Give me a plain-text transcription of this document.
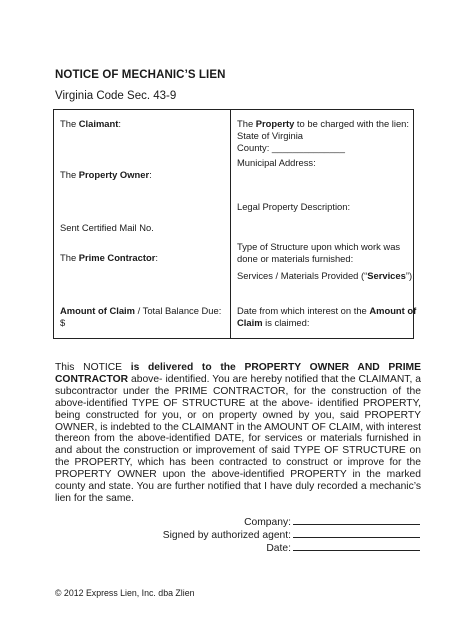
NOTICE OF MECHANIC’S LIEN
Virginia Code Sec. 43-9
The Claimant:
The Property Owner:
Sent Certified Mail No.
The Prime Contractor:
Amount of Claim / Total Balance Due:
$
The Property to be charged with the lien:
State of Virginia
County: ______________
Municipal Address:
Legal Property Description:
Type of Structure upon which work was
done or materials furnished:
Services / Materials Provided (“Services”):
Date from which interest on the Amount of
Claim is claimed:
This NOTICE is delivered to the PROPERTY OWNER AND PRIME CONTRACTOR above- identified. You are hereby notified that the CLAIMANT, a subcontractor under the PRIME CONTRACTOR, for the construction of the above-identified TYPE OF STRUCTURE at the above- identified PROPERTY, being constructed for you, or on property owned by you, said PROPERTY OWNER, is indebted to the CLAIMANT in the AMOUNT OF CLAIM, with interest thereon from the above-identified DATE, for services or materials furnished in and about the construction or improvement of said TYPE OF STRUCTURE on the PROPERTY, which has been contracted to construct or improve for the PROPERTY OWNER upon the above-identified PROPERTY in the marked county and state. You are further notified that I have duly recorded a mechanic’s lien for the same.
Company:
Signed by authorized agent:
Date:
© 2012 Express Lien, Inc. dba Zlien
